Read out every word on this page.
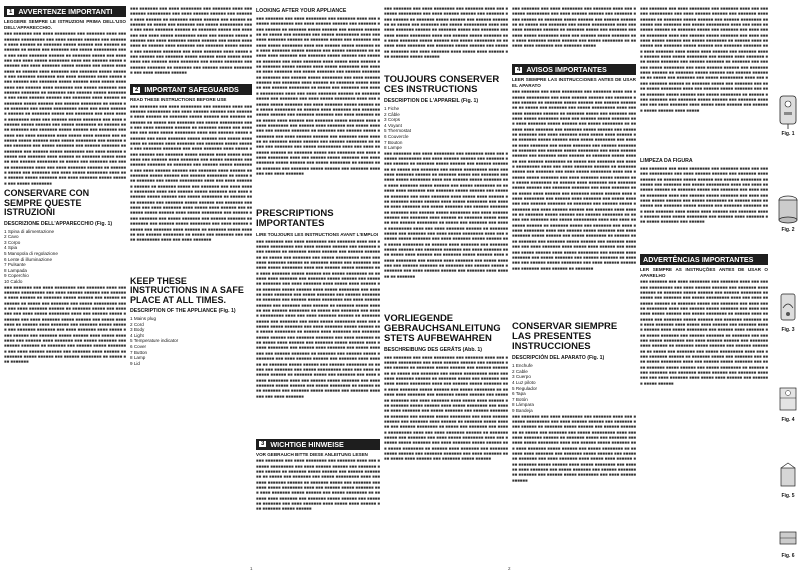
1 AVVERTENZE IMPORTANTI
LEGGERE SEMPRE LE ISTRUZIONI PRIMA DELL'USO DELL'APPARECCHIO.
■■■ ■■■■■■■ ■■■ ■■■■ ■■■■■■■■ ■■■ ■■■■■■■ ■■■■ ■■■ ■■■■■■ ■■■■■■■■■ ■■■ ■■■■ ■■■■■■ ■■■■■■ ■■■ ■■■■■■■ ■■■■ ■■■■■■ ■■ ■■■■■■■ ■■■■■ ■■■■■■ ■■■ ■■■■■■ ■■■■■■■■ ■■ ■■■■■ ■■■ ■■■■■■■ ■■■ ■■■■■ ■■■■■■■■■ ■■■■ ■■■ ■■■■ ■■■■■■■ ■■■■■■ ■■ ■■■■■■■ ■■■■■ ■■■ ■■■■■■■ ■■■ ■■■■ ■■■■■ ■■■■■■■■ ■■■■ ■■■ ■■■■■■ ■■■■■ ■■■■■■■ ■■■ ■■■■ ■■■■■■■ ■■■■■ ■■■■■■ ■■■ ■■■■■ ■■■■■■■■ ■■ ■■■■■■ ■■■■ ■■■■■■■ ■■■ ■■■■■■■ ■■■■■ ■■■■■■ ■■■ ■■■■■■■ ■■■■■■■ ■■■ ■■■■ ■■■■■■■ ■■■■ ■■■■■ ■■■■ ■■■■■■ ■■■ ■■■■■■■ ■■■■■ ■■■■■■ ■■■■ ■■■■■ ■■■■■■■■ ■■■ ■■■■■■ ■■■■ ■■■■■■■ ■■■ ■■■■■ ■■■■■■■ ■■■ ■■■■■■ ■■■■■■■ ■■ ■■■■■■■ ■■■ ■■■■■■ ■■■■■ ■■■■■■■■ ■■■ ■■■■ ■■■■■■ ■■■■■■ ■■■ ■■■■■■■ ■■■■ ■■■■■■ ■■ ■■■■■■■ ■■■■■ ■■■■■■ ■■■ ■■■■■■ ■■■■■■■■ ■■ ■■■■■ ■■■ ■■■■■■■ ■■■ ■■■■■ ■■■■■■■■■ ■■■■ ■■■ ■■■■ ■■■■■■■ ■■■■■■ ■■ ■■■■■■■ ■■■■■ ■■■ ■■■■■■■ ■■■ ■■■■ ■■■■■ ■■■■■■■■ ■■■■ ■■■ ■■■■■■ ■■■■■ ■■■■■■■ ■■■ ■■■■ ■■■■■■■ ■■■■■ ■■■■■■ ■■■ ■■■■■ ■■■■■■■■ ■■ ■■■■■■ ■■■■ ■■■■■■■ ■■■ ■■■■■■■ ■■■■■ ■■■■■■ ■■■ ■■■■■■■ ■■■■■■■ ■■■ ■■■■ ■■■■■■■ ■■■■ ■■■■■ ■■■■ ■■■■■■ ■■■ ■■■■■■■ ■■■■■ ■■■■■■ ■■■■ ■■■■■ ■■■■■■■■ ■■■ ■■■■■■ ■■■■ ■■■■■■■ ■■■ ■■■■■ ■■■■■■■ ■■■ ■■■■■■ ■■■■■■■ ■■ ■■■■■■■ ■■■ ■■■■■■ ■■■■■ ■■■■■■■■ ■■■ ■■■■ ■■■■■■ ■■■■■■ ■■■ ■■■■■■■ ■■■■ ■■■■■■ ■■ ■■■■■■■ ■■■■■ ■■■■■■ ■■■ ■■■■■■ ■■■■■■■■ ■■ ■■■■■ ■■■ ■■■■■■■ ■■■ ■■■■■ ■■■■■■■■■ ■■■■ ■■■ ■■■■ ■■■■■■■ ■■■■■■ ■■ ■■■■■■■ ■■■■■ ■■■ ■■■■■■■ ■■■ ■■■■ ■■■■■ ■■■■■■■■ ■■■■ ■■■ ■■■■■■ ■■■■■ ■■■■■■■ ■■■ ■■■■ ■■■■■■■ ■■■■■ ■■■■■■ ■■■ ■■■■■ ■■■■■■■■
CONSERVARE CON SEMPRE QUESTE ISTRUZIONI
DESCRIZIONE DELL'APPARECCHIO (Fig. 1)
1 Spina di alimentazione
2 Cavo
3 Corpo
4 Spia
5 Manopola di regolazione
6 Lente di illuminazione
7 Pulsante
8 Lampada
9 Coperchio
10 Caldo
■■■ ■■■■■■■ ■■■ ■■■■ ■■■■■■■■ ■■■ ■■■■■■■ ■■■■ ■■■ ■■■■■■ ■■■■■■■■■ ■■■ ■■■■ ■■■■■■ ■■■■■■ ■■■ ■■■■■■■ ■■■■ ■■■■■■ ■■ ■■■■■■■ ■■■■■ ■■■■■■ ■■■ ■■■■■■ ■■■■■■■■ ■■ ■■■■■ ■■■ ■■■■■■■ ■■■ ■■■■■ ■■■■■■■■■ ■■■■ ■■■ ■■■■ ■■■■■■■ ■■■■■■ ■■ ■■■■■■■ ■■■■■ ■■■ ■■■■■■■ ■■■ ■■■■ ■■■■■ ■■■■■■■■ ■■■■ ■■■ ■■■■■■ ■■■■■ ■■■■■■■ ■■■ ■■■■ ■■■■■■■ ■■■■■ ■■■■■■ ■■■ ■■■■■ ■■■■■■■■ ■■ ■■■■■■ ■■■■ ■■■■■■■ ■■■ ■■■■■■■ ■■■■■ ■■■■■■ ■■■ ■■■■■■■ ■■■■■■■ ■■■ ■■■■ ■■■■■■■ ■■■■ ■■■■■ ■■■■ ■■■■■■ ■■■ ■■■■■■■ ■■■■■ ■■■■■■ ■■■■ ■■■■■ ■■■■■■■■ ■■■ ■■■■■■ ■■■■ ■■■■■■■ ■■■ ■■■■■ ■■■■■■■ ■■■ ■■■■■■ ■■■■■■■ ■■ ■■■■■■■ ■■■ ■■■■■■ ■■■■■ ■■■■■■■■ ■■■ ■■■■ ■■■■■■ ■■■■■■ ■■■ ■■■■■■■ ■■■■ ■■■■■■ ■■ ■■■■■■■ ■■■■■ ■■■■■■ ■■■ ■■■■■■ ■■■■■■■■ ■■ ■■■■■ ■■■ ■■■■■■■
■■■ ■■■■■■■ ■■■ ■■■■ ■■■■■■■■ ■■■ ■■■■■■■ ■■■■ ■■■ ■■■■■■ ■■■■■■■■■ ■■■ ■■■■ ■■■■■■ ■■■■■■ ■■■ ■■■■■■■ ■■■■ ■■■■■■ ■■ ■■■■■■■ ■■■■■ ■■■■■■ ■■■ ■■■■■■ ■■■■■■■■ ■■ ■■■■■ ■■■ ■■■■■■■ ■■■ ■■■■■ ■■■■■■■■■ ■■■■ ■■■ ■■■■ ■■■■■■■ ■■■■■■ ■■ ■■■■■■■ ■■■■■ ■■■ ■■■■■■■ ■■■ ■■■■ ■■■■■ ■■■■■■■■ ■■■■ ■■■ ■■■■■■ ■■■■■ ■■■■■■■ ■■■ ■■■■ ■■■■■■■ ■■■■■ ■■■■■■ ■■■ ■■■■■ ■■■■■■■■ ■■ ■■■■■■ ■■■■ ■■■■■■■ ■■■ ■■■■■■■ ■■■■■ ■■■■■■ ■■■ ■■■■■■■ ■■■■■■■ ■■■ ■■■■ ■■■■■■■ ■■■■ ■■■■■ ■■■■ ■■■■■■ ■■■ ■■■■■■■ ■■■■■ ■■■■■■ ■■■■ ■■■■■ ■■■■■■■■ ■■■ ■■■■■■ ■■■■ ■■■■■■■ ■■■ ■■■■■ ■■■■■■■ ■■■ ■■■■■■ ■■■■■■■ ■■ ■■■■■■■ ■■■ ■■■■■■ ■■■■■ ■■■■■■■■ ■■■ ■■■■ ■■■■■■ ■■■■■■
2 IMPORTANT SAFEGUARDS
READ THESE INSTRUCTIONS BEFORE USE
■■■ ■■■■■■■ ■■■ ■■■■ ■■■■■■■■ ■■■ ■■■■■■■ ■■■■ ■■■ ■■■■■■ ■■■■■■■■■ ■■■ ■■■■ ■■■■■■ ■■■■■■ ■■■ ■■■■■■■ ■■■■ ■■■■■■ ■■ ■■■■■■■ ■■■■■ ■■■■■■ ■■■ ■■■■■■ ■■■■■■■■ ■■ ■■■■■ ■■■ ■■■■■■■ ■■■ ■■■■■ ■■■■■■■■■ ■■■■ ■■■ ■■■■ ■■■■■■■ ■■■■■■ ■■ ■■■■■■■ ■■■■■ ■■■ ■■■■■■■ ■■■ ■■■■ ■■■■■ ■■■■■■■■ ■■■■ ■■■ ■■■■■■ ■■■■■ ■■■■■■■ ■■■ ■■■■ ■■■■■■■ ■■■■■ ■■■■■■ ■■■ ■■■■■ ■■■■■■■■ ■■ ■■■■■■ ■■■■ ■■■■■■■ ■■■ ■■■■■■■ ■■■■■ ■■■■■■ ■■■ ■■■■■■■ ■■■■■■■ ■■■ ■■■■ ■■■■■■■ ■■■■ ■■■■■ ■■■■ ■■■■■■ ■■■ ■■■■■■■ ■■■■■ ■■■■■■ ■■■■ ■■■■■ ■■■■■■■■ ■■■ ■■■■■■ ■■■■ ■■■■■■■ ■■■ ■■■■■ ■■■■■■■ ■■■ ■■■■■■ ■■■■■■■ ■■ ■■■■■■■ ■■■ ■■■■■■ ■■■■■ ■■■■■■■■ ■■■ ■■■■ ■■■■■■ ■■■■■■ ■■■ ■■■■■■■ ■■■■ ■■■■■■ ■■ ■■■■■■■ ■■■■■ ■■■■■■ ■■■ ■■■■■■ ■■■■■■■■ ■■ ■■■■■ ■■■ ■■■■■■■ ■■■ ■■■■■ ■■■■■■■■■ ■■■■ ■■■ ■■■■ ■■■■■■■ ■■■■■■ ■■ ■■■■■■■ ■■■■■ ■■■ ■■■■■■■ ■■■ ■■■■ ■■■■■ ■■■■■■■■ ■■■■ ■■■ ■■■■■■ ■■■■■ ■■■■■■■ ■■■ ■■■■ ■■■■■■■ ■■■■■ ■■■■■■ ■■■ ■■■■■ ■■■■■■■■ ■■ ■■■■■■ ■■■■ ■■■■■■■ ■■■ ■■■■■■■ ■■■■■ ■■■■■■ ■■■ ■■■■■■■ ■■■■■■■ ■■■ ■■■■ ■■■■■■■ ■■■■ ■■■■■ ■■■■ ■■■■■■ ■■■ ■■■■■■■ ■■■■■ ■■■■■■ ■■■■ ■■■■■ ■■■■■■■■ ■■■ ■■■■■■ ■■■■ ■■■■■■■ ■■■ ■■■■■ ■■■■■■■ ■■■ ■■■■■■ ■■■■■■■ ■■ ■■■■■■■ ■■■ ■■■■■■ ■■■■■ ■■■■■■■■ ■■■ ■■■■ ■■■■■■ ■■■■■■ ■■■ ■■■■■■■ ■■■■ ■■■■■■ ■■ ■■■■■■■ ■■■■■ ■■■■■■ ■■■ ■■■■■■ ■■■■■■■■ ■■ ■■■■■ ■■■ ■■■■■■■ ■■■ ■■■■■ ■■■■■■■■■ ■■■■ ■■■ ■■■■ ■■■■■■■
KEEP THESE INSTRUCTIONS IN A SAFE PLACE AT ALL TIMES.
DESCRIPTION OF THE APPLIANCE (Fig. 1)
1 Mains plug
2 Cord
3 Body
4 Light
5 Temperature indicator
6 Cover
7 Button
8 Lamp
9 Lid
LOOKING AFTER YOUR APPLIANCE
■■■ ■■■■■■■ ■■■ ■■■■ ■■■■■■■■ ■■■ ■■■■■■■ ■■■■ ■■■ ■■■■■■ ■■■■■■■■■ ■■■ ■■■■ ■■■■■■ ■■■■■■ ■■■ ■■■■■■■ ■■■■ ■■■■■■ ■■ ■■■■■■■ ■■■■■ ■■■■■■ ■■■ ■■■■■■ ■■■■■■■■ ■■ ■■■■■ ■■■ ■■■■■■■ ■■■ ■■■■■ ■■■■■■■■■ ■■■■ ■■■ ■■■■ ■■■■■■■ ■■■■■■ ■■ ■■■■■■■ ■■■■■ ■■■ ■■■■■■■ ■■■ ■■■■ ■■■■■ ■■■■■■■■ ■■■■ ■■■ ■■■■■■ ■■■■■ ■■■■■■■ ■■■ ■■■■ ■■■■■■■ ■■■■■ ■■■■■■ ■■■ ■■■■■ ■■■■■■■■ ■■ ■■■■■■ ■■■■ ■■■■■■■ ■■■ ■■■■■■■ ■■■■■ ■■■■■■ ■■■ ■■■■■■■ ■■■■■■■ ■■■ ■■■■ ■■■■■■■ ■■■■ ■■■■■ ■■■■ ■■■■■■ ■■■ ■■■■■■■ ■■■■■ ■■■■■■ ■■■■ ■■■■■ ■■■■■■■■ ■■■ ■■■■■■ ■■■■ ■■■■■■■ ■■■ ■■■■■ ■■■■■■■ ■■■ ■■■■■■ ■■■■■■■ ■■ ■■■■■■■ ■■■ ■■■■■■ ■■■■■ ■■■■■■■■ ■■■ ■■■■ ■■■■■■ ■■■■■■ ■■■ ■■■■■■■ ■■■■ ■■■■■■ ■■ ■■■■■■■ ■■■■■ ■■■■■■ ■■■ ■■■■■■ ■■■■■■■■ ■■ ■■■■■ ■■■ ■■■■■■■ ■■■ ■■■■■ ■■■■■■■■■ ■■■■ ■■■ ■■■■ ■■■■■■■ ■■■■■■ ■■ ■■■■■■■ ■■■■■ ■■■ ■■■■■■■ ■■■ ■■■■ ■■■■■ ■■■■■■■■ ■■■■ ■■■ ■■■■■■ ■■■■■ ■■■■■■■ ■■■ ■■■■ ■■■■■■■ ■■■■■ ■■■■■■ ■■■ ■■■■■ ■■■■■■■■ ■■ ■■■■■■ ■■■■ ■■■■■■■ ■■■ ■■■■■■■ ■■■■■ ■■■■■■ ■■■ ■■■■■■■ ■■■■■■■ ■■■ ■■■■ ■■■■■■■ ■■■■ ■■■■■ ■■■■ ■■■■■■ ■■■ ■■■■■■■ ■■■■■ ■■■■■■ ■■■■ ■■■■■ ■■■■■■■■ ■■■ ■■■■■■ ■■■■ ■■■■■■■ ■■■ ■■■■■ ■■■■■■■ ■■■ ■■■■■■ ■■■■■■■ ■■ ■■■■■■■ ■■■ ■■■■■■ ■■■■■ ■■■■■■■■ ■■■ ■■■■ ■■■■■■ ■■■■■■ ■■■ ■■■■■■■ ■■■■ ■■■■■■ ■■ ■■■■■■■ ■■■■■ ■■■■■■ ■■■ ■■■■■■ ■■■■■■■■ ■■ ■■■■■ ■■■ ■■■■■■■ ■■■ ■■■■■ ■■■■■■■■■ ■■■■ ■■■ ■■■■ ■■■■■■■ ■■■■■■ ■■ ■■■■■■■ ■■■■■ ■■■ ■■■■■■■ ■■■ ■■■■ ■■■■■ ■■■■■■■■ ■■■■ ■■■ ■■■■■■ ■■■■■ ■■■■■■■ ■■■ ■■■■ ■■■■■■■ ■■■■■ ■■■■■■ ■■■ ■■■■■ ■■■■■■■■ ■■ ■■■■■■ ■■■■ ■■■■■■■ ■■■ ■■■■■■■ ■■■■■ ■■■■■■ ■■■ ■■■■■■■ ■■■■■■■ ■■■ ■■■■ ■■■■■■■
PRESCRIPTIONS IMPORTANTES
LIRE TOUJOURS LES INSTRUCTIONS AVANT L'EMPLOI
■■■ ■■■■■■■ ■■■ ■■■■ ■■■■■■■■ ■■■ ■■■■■■■ ■■■■ ■■■ ■■■■■■ ■■■■■■■■■ ■■■ ■■■■ ■■■■■■ ■■■■■■ ■■■ ■■■■■■■ ■■■■ ■■■■■■ ■■ ■■■■■■■ ■■■■■ ■■■■■■ ■■■ ■■■■■■ ■■■■■■■■ ■■ ■■■■■ ■■■ ■■■■■■■ ■■■ ■■■■■ ■■■■■■■■■ ■■■■ ■■■ ■■■■ ■■■■■■■ ■■■■■■ ■■ ■■■■■■■ ■■■■■ ■■■ ■■■■■■■ ■■■ ■■■■ ■■■■■ ■■■■■■■■ ■■■■ ■■■ ■■■■■■ ■■■■■ ■■■■■■■ ■■■ ■■■■ ■■■■■■■ ■■■■■ ■■■■■■ ■■■ ■■■■■ ■■■■■■■■ ■■ ■■■■■■ ■■■■ ■■■■■■■ ■■■ ■■■■■■■ ■■■■■ ■■■■■■ ■■■ ■■■■■■■ ■■■■■■■ ■■■ ■■■■ ■■■■■■■ ■■■■ ■■■■■ ■■■■ ■■■■■■ ■■■ ■■■■■■■ ■■■■■ ■■■■■■ ■■■■ ■■■■■ ■■■■■■■■ ■■■ ■■■■■■ ■■■■ ■■■■■■■ ■■■ ■■■■■ ■■■■■■■ ■■■ ■■■■■■ ■■■■■■■ ■■ ■■■■■■■ ■■■ ■■■■■■ ■■■■■ ■■■■■■■■ ■■■ ■■■■ ■■■■■■ ■■■■■■ ■■■ ■■■■■■■ ■■■■ ■■■■■■ ■■ ■■■■■■■ ■■■■■ ■■■■■■ ■■■ ■■■■■■ ■■■■■■■■ ■■ ■■■■■ ■■■ ■■■■■■■ ■■■ ■■■■■ ■■■■■■■■■ ■■■■ ■■■ ■■■■ ■■■■■■■ ■■■■■■ ■■ ■■■■■■■ ■■■■■ ■■■ ■■■■■■■ ■■■ ■■■■ ■■■■■ ■■■■■■■■ ■■■■ ■■■ ■■■■■■ ■■■■■ ■■■■■■■ ■■■ ■■■■ ■■■■■■■ ■■■■■ ■■■■■■ ■■■ ■■■■■ ■■■■■■■■ ■■ ■■■■■■ ■■■■ ■■■■■■■ ■■■ ■■■■■■■ ■■■■■ ■■■■■■ ■■■ ■■■■■■■ ■■■■■■■ ■■■ ■■■■ ■■■■■■■ ■■■■ ■■■■■ ■■■■ ■■■■■■ ■■■ ■■■■■■■ ■■■■■ ■■■■■■ ■■■■ ■■■■■ ■■■■■■■■ ■■■ ■■■■■■ ■■■■ ■■■■■■■ ■■■ ■■■■■ ■■■■■■■ ■■■ ■■■■■■ ■■■■■■■ ■■ ■■■■■■■ ■■■ ■■■■■■ ■■■■■ ■■■■■■■■ ■■■ ■■■■ ■■■■■■ ■■■■■■ ■■■ ■■■■■■■ ■■■■ ■■■■■■ ■■ ■■■■■■■ ■■■■■ ■■■■■■ ■■■ ■■■■■■ ■■■■■■■■ ■■ ■■■■■ ■■■ ■■■■■■■ ■■■ ■■■■■ ■■■■■■■■■ ■■■■ ■■■ ■■■■ ■■■■■■■ ■■■■■■ ■■ ■■■■■■■ ■■■■■ ■■■ ■■■■■■■ ■■■ ■■■■ ■■■■■ ■■■■■■■■ ■■■■ ■■■ ■■■■■■ ■■■■■ ■■■■■■■ ■■■ ■■■■ ■■■■■■■ ■■■■■ ■■■■■■ ■■■ ■■■■■ ■■■■■■■■ ■■ ■■■■■■ ■■■■ ■■■■■■■ ■■■ ■■■■■■■ ■■■■■ ■■■■■■ ■■■ ■■■■■■■ ■■■■■■■ ■■■ ■■■■ ■■■■■■■
3 WICHTIGE HINWEISE
VOR GEBRAUCH BITTE DIESE ANLEITUNG LESEN
■■■ ■■■■■■■ ■■■ ■■■■ ■■■■■■■■ ■■■ ■■■■■■■ ■■■■ ■■■ ■■■■■■ ■■■■■■■■■ ■■■ ■■■■ ■■■■■■ ■■■■■■ ■■■ ■■■■■■■ ■■■■ ■■■■■■ ■■ ■■■■■■■ ■■■■■ ■■■■■■ ■■■ ■■■■■■ ■■■■■■■■ ■■ ■■■■■ ■■■ ■■■■■■■ ■■■ ■■■■■ ■■■■■■■■■ ■■■■ ■■■ ■■■■ ■■■■■■■ ■■■■■■ ■■ ■■■■■■■ ■■■■■ ■■■ ■■■■■■■ ■■■ ■■■■ ■■■■■ ■■■■■■■■ ■■■■ ■■■ ■■■■■■ ■■■■■ ■■■■■■■ ■■■ ■■■■ ■■■■■■■ ■■■■■ ■■■■■■ ■■■ ■■■■■ ■■■■■■■■ ■■ ■■■■■■ ■■■■ ■■■■■■■ ■■■ ■■■■■■■ ■■■■■ ■■■■■■ ■■■ ■■■■■■■ ■■■■■■■ ■■■ ■■■■ ■■■■■■■ ■■■■ ■■■■■ ■■■■ ■■■■■■ ■■■ ■■■■■■■ ■■■■■ ■■■■■■
■■■ ■■■■■■■ ■■■ ■■■■ ■■■■■■■■ ■■■ ■■■■■■■ ■■■■ ■■■ ■■■■■■ ■■■■■■■■■ ■■■ ■■■■ ■■■■■■ ■■■■■■ ■■■ ■■■■■■■ ■■■■ ■■■■■■ ■■ ■■■■■■■ ■■■■■ ■■■■■■ ■■■ ■■■■■■ ■■■■■■■■ ■■ ■■■■■ ■■■ ■■■■■■■ ■■■ ■■■■■ ■■■■■■■■■ ■■■■ ■■■ ■■■■ ■■■■■■■ ■■■■■■ ■■ ■■■■■■■ ■■■■■ ■■■ ■■■■■■■ ■■■ ■■■■ ■■■■■ ■■■■■■■■ ■■■■ ■■■ ■■■■■■ ■■■■■ ■■■■■■■ ■■■ ■■■■ ■■■■■■■ ■■■■■ ■■■■■■ ■■■ ■■■■■ ■■■■■■■■ ■■ ■■■■■■ ■■■■ ■■■■■■■ ■■■ ■■■■■■■ ■■■■■ ■■■■■■ ■■■ ■■■■■■■ ■■■■■■■ ■■■ ■■■■ ■■■■■■■ ■■■■ ■■■■■ ■■■■ ■■■■■■ ■■■ ■■■■■■■ ■■■■■ ■■■■■■
TOUJOURS CONSERVER CES INSTRUCTIONS
DESCRIPTION DE L'APPAREIL (Fig. 1)
1 Fiche
2 Câble
3 Corps
4 Voyant
5 Thermostat
6 Couvercle
7 Bouton
8 Lampe
■■■ ■■■■■■■ ■■■ ■■■■ ■■■■■■■■ ■■■ ■■■■■■■ ■■■■ ■■■ ■■■■■■ ■■■■■■■■■ ■■■ ■■■■ ■■■■■■ ■■■■■■ ■■■ ■■■■■■■ ■■■■ ■■■■■■ ■■ ■■■■■■■ ■■■■■ ■■■■■■ ■■■ ■■■■■■ ■■■■■■■■ ■■ ■■■■■ ■■■ ■■■■■■■ ■■■ ■■■■■ ■■■■■■■■■ ■■■■ ■■■ ■■■■ ■■■■■■■ ■■■■■■ ■■ ■■■■■■■ ■■■■■ ■■■ ■■■■■■■ ■■■ ■■■■ ■■■■■ ■■■■■■■■ ■■■■ ■■■ ■■■■■■ ■■■■■ ■■■■■■■ ■■■ ■■■■ ■■■■■■■ ■■■■■ ■■■■■■ ■■■ ■■■■■ ■■■■■■■■ ■■ ■■■■■■ ■■■■ ■■■■■■■ ■■■ ■■■■■■■ ■■■■■ ■■■■■■ ■■■ ■■■■■■■ ■■■■■■■ ■■■ ■■■■ ■■■■■■■ ■■■■ ■■■■■ ■■■■ ■■■■■■ ■■■ ■■■■■■■ ■■■■■ ■■■■■■ ■■■■ ■■■■■ ■■■■■■■■ ■■■ ■■■■■■ ■■■■ ■■■■■■■ ■■■ ■■■■■ ■■■■■■■ ■■■ ■■■■■■ ■■■■■■■ ■■ ■■■■■■■ ■■■ ■■■■■■ ■■■■■ ■■■■■■■■ ■■■ ■■■■ ■■■■■■ ■■■■■■ ■■■ ■■■■■■■ ■■■■ ■■■■■■ ■■ ■■■■■■■ ■■■■■ ■■■■■■ ■■■ ■■■■■■ ■■■■■■■■ ■■ ■■■■■ ■■■ ■■■■■■■ ■■■ ■■■■■ ■■■■■■■■■ ■■■■ ■■■ ■■■■ ■■■■■■■ ■■■■■■ ■■ ■■■■■■■ ■■■■■ ■■■ ■■■■■■■ ■■■ ■■■■ ■■■■■ ■■■■■■■■ ■■■■ ■■■ ■■■■■■ ■■■■■ ■■■■■■■ ■■■ ■■■■ ■■■■■■■ ■■■■■ ■■■■■■ ■■■ ■■■■■ ■■■■■■■■ ■■ ■■■■■■ ■■■■ ■■■■■■■ ■■■ ■■■■■■■ ■■■■■ ■■■■■■ ■■■ ■■■■■■■ ■■■■■■■ ■■■ ■■■■ ■■■■■■■ ■■■■ ■■■■■ ■■■■ ■■■■■■ ■■■ ■■■■■■■ ■■■■■ ■■■■■■ ■■■■ ■■■■■ ■■■■■■■■ ■■■ ■■■■■■ ■■■■ ■■■■■■■ ■■■ ■■■■■ ■■■■■■■ ■■■ ■■■■■■ ■■■■■■■ ■■ ■■■■■■■ ■■■ ■■■■■■ ■■■■■ ■■■■■■■■ ■■■ ■■■■ ■■■■■■ ■■■■■■ ■■■ ■■■■■■■ ■■■■ ■■■■■■ ■■ ■■■■■■■
VORLIEGENDE GEBRAUCHSANLEITUNG STETS AUFBEWAHREN
BESCHREIBUNG DES GERÄTS (Abb. 1)
■■■ ■■■■■■■ ■■■ ■■■■ ■■■■■■■■ ■■■ ■■■■■■■ ■■■■ ■■■ ■■■■■■ ■■■■■■■■■ ■■■ ■■■■ ■■■■■■ ■■■■■■ ■■■ ■■■■■■■ ■■■■ ■■■■■■ ■■ ■■■■■■■ ■■■■■ ■■■■■■ ■■■ ■■■■■■ ■■■■■■■■ ■■ ■■■■■ ■■■ ■■■■■■■ ■■■ ■■■■■ ■■■■■■■■■ ■■■■ ■■■ ■■■■ ■■■■■■■ ■■■■■■ ■■ ■■■■■■■ ■■■■■ ■■■ ■■■■■■■ ■■■ ■■■■ ■■■■■ ■■■■■■■■ ■■■■ ■■■ ■■■■■■ ■■■■■ ■■■■■■■ ■■■ ■■■■ ■■■■■■■ ■■■■■ ■■■■■■ ■■■ ■■■■■ ■■■■■■■■ ■■ ■■■■■■ ■■■■ ■■■■■■■ ■■■ ■■■■■■■ ■■■■■ ■■■■■■ ■■■ ■■■■■■■ ■■■■■■■ ■■■ ■■■■ ■■■■■■■ ■■■■ ■■■■■ ■■■■ ■■■■■■ ■■■ ■■■■■■■ ■■■■■ ■■■■■■ ■■■■ ■■■■■ ■■■■■■■■ ■■■ ■■■■■■ ■■■■ ■■■■■■■ ■■■ ■■■■■ ■■■■■■■ ■■■ ■■■■■■ ■■■■■■■ ■■ ■■■■■■■ ■■■ ■■■■■■ ■■■■■ ■■■■■■■■ ■■■ ■■■■ ■■■■■■ ■■■■■■ ■■■ ■■■■■■■ ■■■■ ■■■■■■ ■■ ■■■■■■■ ■■■■■ ■■■■■■ ■■■ ■■■■■■ ■■■■■■■■ ■■ ■■■■■ ■■■ ■■■■■■■ ■■■ ■■■■■ ■■■■■■■■■ ■■■■ ■■■ ■■■■ ■■■■■■■ ■■■■■■ ■■ ■■■■■■■ ■■■■■ ■■■ ■■■■■■■ ■■■ ■■■■ ■■■■■ ■■■■■■■■ ■■■■ ■■■ ■■■■■■ ■■■■■ ■■■■■■■ ■■■ ■■■■ ■■■■■■■ ■■■■■ ■■■■■■ ■■■ ■■■■■ ■■■■■■■■ ■■ ■■■■■■ ■■■■ ■■■■■■■ ■■■ ■■■■■■■ ■■■■■ ■■■■■■ ■■■ ■■■■■■■ ■■■■■■■ ■■■ ■■■■ ■■■■■■■ ■■■■ ■■■■■ ■■■■ ■■■■■■ ■■■ ■■■■■■■ ■■■■■ ■■■■■■
■■■ ■■■■■■■ ■■■ ■■■■ ■■■■■■■■ ■■■ ■■■■■■■ ■■■■ ■■■ ■■■■■■ ■■■■■■■■■ ■■■ ■■■■ ■■■■■■ ■■■■■■ ■■■ ■■■■■■■ ■■■■ ■■■■■■ ■■ ■■■■■■■ ■■■■■ ■■■■■■ ■■■ ■■■■■■ ■■■■■■■■ ■■ ■■■■■ ■■■ ■■■■■■■ ■■■ ■■■■■ ■■■■■■■■■ ■■■■ ■■■ ■■■■ ■■■■■■■ ■■■■■■ ■■ ■■■■■■■ ■■■■■ ■■■ ■■■■■■■ ■■■ ■■■■ ■■■■■ ■■■■■■■■ ■■■■ ■■■ ■■■■■■ ■■■■■ ■■■■■■■ ■■■ ■■■■ ■■■■■■■ ■■■■■ ■■■■■■ ■■■ ■■■■■ ■■■■■■■■ ■■ ■■■■■■ ■■■■ ■■■■■■■ ■■■ ■■■■■■■ ■■■■■
4 AVISOS IMPORTANTES
LEER SIEMPRE LAS INSTRUCCIONES ANTES DE USAR EL APARATO
■■■ ■■■■■■■ ■■■ ■■■■ ■■■■■■■■ ■■■ ■■■■■■■ ■■■■ ■■■ ■■■■■■ ■■■■■■■■■ ■■■ ■■■■ ■■■■■■ ■■■■■■ ■■■ ■■■■■■■ ■■■■ ■■■■■■ ■■ ■■■■■■■ ■■■■■ ■■■■■■ ■■■ ■■■■■■ ■■■■■■■■ ■■ ■■■■■ ■■■ ■■■■■■■ ■■■ ■■■■■ ■■■■■■■■■ ■■■■ ■■■ ■■■■ ■■■■■■■ ■■■■■■ ■■ ■■■■■■■ ■■■■■ ■■■ ■■■■■■■ ■■■ ■■■■ ■■■■■ ■■■■■■■■ ■■■■ ■■■ ■■■■■■ ■■■■■ ■■■■■■■ ■■■ ■■■■ ■■■■■■■ ■■■■■ ■■■■■■ ■■■ ■■■■■ ■■■■■■■■ ■■ ■■■■■■ ■■■■ ■■■■■■■ ■■■ ■■■■■■■ ■■■■■ ■■■■■■ ■■■ ■■■■■■■ ■■■■■■■ ■■■ ■■■■ ■■■■■■■ ■■■■ ■■■■■ ■■■■ ■■■■■■ ■■■ ■■■■■■■ ■■■■■ ■■■■■■ ■■■■ ■■■■■ ■■■■■■■■ ■■■ ■■■■■■ ■■■■ ■■■■■■■ ■■■ ■■■■■ ■■■■■■■ ■■■ ■■■■■■ ■■■■■■■ ■■ ■■■■■■■ ■■■ ■■■■■■ ■■■■■ ■■■■■■■■ ■■■ ■■■■ ■■■■■■ ■■■■■■ ■■■ ■■■■■■■ ■■■■ ■■■■■■ ■■ ■■■■■■■ ■■■■■ ■■■■■■ ■■■ ■■■■■■ ■■■■■■■■ ■■ ■■■■■ ■■■ ■■■■■■■ ■■■ ■■■■■ ■■■■■■■■■ ■■■■ ■■■ ■■■■ ■■■■■■■ ■■■■■■ ■■ ■■■■■■■ ■■■■■ ■■■ ■■■■■■■ ■■■ ■■■■ ■■■■■ ■■■■■■■■ ■■■■ ■■■ ■■■■■■ ■■■■■ ■■■■■■■ ■■■ ■■■■ ■■■■■■■ ■■■■■ ■■■■■■ ■■■ ■■■■■ ■■■■■■■■ ■■ ■■■■■■ ■■■■ ■■■■■■■ ■■■ ■■■■■■■ ■■■■■ ■■■■■■ ■■■ ■■■■■■■ ■■■■■■■ ■■■ ■■■■ ■■■■■■■ ■■■■ ■■■■■ ■■■■ ■■■■■■ ■■■ ■■■■■■■ ■■■■■ ■■■■■■ ■■■■ ■■■■■ ■■■■■■■■ ■■■ ■■■■■■ ■■■■ ■■■■■■■ ■■■ ■■■■■ ■■■■■■■ ■■■ ■■■■■■ ■■■■■■■ ■■ ■■■■■■■ ■■■ ■■■■■■ ■■■■■ ■■■■■■■■ ■■■ ■■■■ ■■■■■■ ■■■■■■ ■■■ ■■■■■■■ ■■■■ ■■■■■■ ■■ ■■■■■■■ ■■■■■ ■■■■■■ ■■■ ■■■■■■ ■■■■■■■■ ■■ ■■■■■ ■■■ ■■■■■■■ ■■■ ■■■■■ ■■■■■■■■■ ■■■■ ■■■ ■■■■ ■■■■■■■ ■■■■■■ ■■ ■■■■■■■ ■■■■■ ■■■ ■■■■■■■ ■■■ ■■■■ ■■■■■ ■■■■■■■■ ■■■■ ■■■ ■■■■■■ ■■■■■ ■■■■■■■ ■■■ ■■■■ ■■■■■■■ ■■■■■ ■■■■■■ ■■■ ■■■■■ ■■■■■■■■ ■■ ■■■■■■ ■■■■ ■■■■■■■ ■■■ ■■■■■■■ ■■■■■ ■■■■■■ ■■■ ■■■■■■■ ■■■■■■■ ■■■ ■■■■ ■■■■■■■ ■■■■ ■■■■■ ■■■■ ■■■■■■ ■■■ ■■■■■■■ ■■■■■ ■■■■■■ ■■■■ ■■■■■ ■■■■■■■■ ■■■ ■■■■■■ ■■■■ ■■■■■■■ ■■■ ■■■■■ ■■■■■■■ ■■■ ■■■■■■ ■■■■■■■ ■■ ■■■■■■■ ■■■ ■■■■■■ ■■■■■ ■■■■■■■■ ■■■ ■■■■ ■■■■■■ ■■■■■■ ■■■ ■■■■■■■ ■■■■ ■■■■■■ ■■ ■■■■■■■
CONSERVAR SIEMPRE LAS PRESENTES INSTRUCCIONES
DESCRIPCIÓN DEL APARATO (Fig. 1)
1 Enchufe
2 Cable
3 Cuerpo
4 Luz piloto
5 Regulador
6 Tapa
7 Botón
8 Lámpara
9 Bandeja
■■■ ■■■■■■■ ■■■ ■■■■ ■■■■■■■■ ■■■ ■■■■■■■ ■■■■ ■■■ ■■■■■■ ■■■■■■■■■ ■■■ ■■■■ ■■■■■■ ■■■■■■ ■■■ ■■■■■■■ ■■■■ ■■■■■■ ■■ ■■■■■■■ ■■■■■ ■■■■■■ ■■■ ■■■■■■ ■■■■■■■■ ■■ ■■■■■ ■■■ ■■■■■■■ ■■■ ■■■■■ ■■■■■■■■■ ■■■■ ■■■ ■■■■ ■■■■■■■ ■■■■■■ ■■ ■■■■■■■ ■■■■■ ■■■ ■■■■■■■ ■■■ ■■■■ ■■■■■ ■■■■■■■■ ■■■■ ■■■ ■■■■■■ ■■■■■ ■■■■■■■ ■■■ ■■■■ ■■■■■■■ ■■■■■ ■■■■■■ ■■■ ■■■■■ ■■■■■■■■ ■■ ■■■■■■ ■■■■ ■■■■■■■ ■■■ ■■■■■■■ ■■■■■ ■■■■■■ ■■■ ■■■■■■■ ■■■■■■■ ■■■ ■■■■ ■■■■■■■ ■■■■ ■■■■■ ■■■■ ■■■■■■ ■■■ ■■■■■■■ ■■■■■ ■■■■■■ ■■■■ ■■■■■ ■■■■■■■■ ■■■ ■■■■■■ ■■■■ ■■■■■■■ ■■■ ■■■■■ ■■■■■■■ ■■■ ■■■■■■ ■■■■■■■ ■■ ■■■■■■■ ■■■ ■■■■■■ ■■■■■ ■■■■■■■■ ■■■ ■■■■ ■■■■■■ ■■■■■■
■■■ ■■■■■■■ ■■■ ■■■■ ■■■■■■■■ ■■■ ■■■■■■■ ■■■■ ■■■ ■■■■■■ ■■■■■■■■■ ■■■ ■■■■ ■■■■■■ ■■■■■■ ■■■ ■■■■■■■ ■■■■ ■■■■■■ ■■ ■■■■■■■ ■■■■■ ■■■■■■ ■■■ ■■■■■■ ■■■■■■■■ ■■ ■■■■■ ■■■ ■■■■■■■ ■■■ ■■■■■ ■■■■■■■■■ ■■■■ ■■■ ■■■■ ■■■■■■■ ■■■■■■ ■■ ■■■■■■■ ■■■■■ ■■■ ■■■■■■■ ■■■ ■■■■ ■■■■■ ■■■■■■■■ ■■■■ ■■■ ■■■■■■ ■■■■■ ■■■■■■■ ■■■ ■■■■ ■■■■■■■ ■■■■■ ■■■■■■ ■■■ ■■■■■ ■■■■■■■■ ■■ ■■■■■■ ■■■■ ■■■■■■■ ■■■ ■■■■■■■ ■■■■■ ■■■■■■ ■■■ ■■■■■■■ ■■■■■■■ ■■■ ■■■■ ■■■■■■■ ■■■■ ■■■■■ ■■■■ ■■■■■■ ■■■ ■■■■■■■ ■■■■■ ■■■■■■ ■■■■ ■■■■■ ■■■■■■■■ ■■■ ■■■■■■ ■■■■ ■■■■■■■ ■■■ ■■■■■ ■■■■■■■ ■■■ ■■■■■■ ■■■■■■■ ■■ ■■■■■■■ ■■■ ■■■■■■ ■■■■■ ■■■■■■■■ ■■■ ■■■■ ■■■■■■ ■■■■■■ ■■■ ■■■■■■■ ■■■■ ■■■■■■ ■■ ■■■■■■■ ■■■■■ ■■■■■■ ■■■ ■■■■■■ ■■■■■■■■ ■■ ■■■■■ ■■■ ■■■■■■■ ■■■ ■■■■■ ■■■■■■■■■ ■■■■ ■■■ ■■■■ ■■■■■■■ ■■■■■■ ■■ ■■■■■■■ ■■■■■ ■■■ ■■■■■■■ ■■■ ■■■■ ■■■■■ ■■■■■■■■ ■■■■ ■■■ ■■■■■■ ■■■■■ ■■■■■■■ ■■■ ■■■■ ■■■■■■■ ■■■■■ ■■■■■■ ■■■ ■■■■■ ■■■■■■■■ ■■ ■■■■■■ ■■■■ ■■■■■■■ ■■■ ■■■■■■■ ■■■■■ ■■■■■■ ■■■ ■■■■■■■ ■■■■■■■ ■■■ ■■■■ ■■■■■■■ ■■■■ ■■■■■ ■■■■ ■■■■■■ ■■■ ■■■■■■■ ■■■■■ ■■■■■■ ■■■■ ■■■■■
LIMPEZA DA FIGURA
■■■ ■■■■■■■ ■■■ ■■■■ ■■■■■■■■ ■■■ ■■■■■■■ ■■■■ ■■■ ■■■■■■ ■■■■■■■■■ ■■■ ■■■■ ■■■■■■ ■■■■■■ ■■■ ■■■■■■■ ■■■■ ■■■■■■ ■■ ■■■■■■■ ■■■■■ ■■■■■■ ■■■ ■■■■■■ ■■■■■■■■ ■■ ■■■■■ ■■■ ■■■■■■■ ■■■ ■■■■■ ■■■■■■■■■ ■■■■ ■■■ ■■■■ ■■■■■■■ ■■■■■■ ■■ ■■■■■■■ ■■■■■ ■■■ ■■■■■■■ ■■■ ■■■■ ■■■■■ ■■■■■■■■ ■■■■ ■■■ ■■■■■■ ■■■■■ ■■■■■■■ ■■■ ■■■■ ■■■■■■■ ■■■■■ ■■■■■■ ■■■ ■■■■■ ■■■■■■■■ ■■ ■■■■■■ ■■■■ ■■■■■■■ ■■■ ■■■■■■■ ■■■■■ ■■■■■■ ■■■ ■■■■■■■ ■■■■■■■ ■■■ ■■■■ ■■■■■■■ ■■■■ ■■■■■ ■■■■ ■■■■■■ ■■■ ■■■■■■■ ■■■■■ ■■■■■■ ■■■■ ■■■■■ ■■■■■■■■ ■■■ ■■■■■■ ■■■■ ■■■■■■■ ■■■ ■■■■■ ■■■■■■■ ■■■ ■■■■■■
ADVERTÊNCIAS IMPORTANTES
LER SEMPRE AS INSTRUÇÕES ANTES DE USAR O APARELHO
■■■ ■■■■■■■ ■■■ ■■■■ ■■■■■■■■ ■■■ ■■■■■■■ ■■■■ ■■■ ■■■■■■ ■■■■■■■■■ ■■■ ■■■■ ■■■■■■ ■■■■■■ ■■■ ■■■■■■■ ■■■■ ■■■■■■ ■■ ■■■■■■■ ■■■■■ ■■■■■■ ■■■ ■■■■■■ ■■■■■■■■ ■■ ■■■■■ ■■■ ■■■■■■■ ■■■ ■■■■■ ■■■■■■■■■ ■■■■ ■■■ ■■■■ ■■■■■■■ ■■■■■■ ■■ ■■■■■■■ ■■■■■ ■■■ ■■■■■■■ ■■■ ■■■■ ■■■■■ ■■■■■■■■ ■■■■ ■■■ ■■■■■■ ■■■■■ ■■■■■■■ ■■■ ■■■■ ■■■■■■■ ■■■■■ ■■■■■■ ■■■ ■■■■■ ■■■■■■■■ ■■ ■■■■■■ ■■■■ ■■■■■■■ ■■■ ■■■■■■■ ■■■■■ ■■■■■■ ■■■ ■■■■■■■ ■■■■■■■ ■■■ ■■■■ ■■■■■■■ ■■■■ ■■■■■ ■■■■ ■■■■■■ ■■■ ■■■■■■■ ■■■■■ ■■■■■■ ■■■■ ■■■■■ ■■■■■■■■ ■■■ ■■■■■■ ■■■■ ■■■■■■■ ■■■ ■■■■■ ■■■■■■■ ■■■ ■■■■■■ ■■■■■■■ ■■ ■■■■■■■ ■■■ ■■■■■■ ■■■■■ ■■■■■■■■ ■■■ ■■■■ ■■■■■■ ■■■■■■ ■■■ ■■■■■■■ ■■■■ ■■■■■■ ■■ ■■■■■■■ ■■■■■ ■■■■■■ ■■■ ■■■■■■ ■■■■■■■■ ■■ ■■■■■ ■■■ ■■■■■■■ ■■■ ■■■■■ ■■■■■■■■■ ■■■■ ■■■ ■■■■ ■■■■■■■ ■■■■■■ ■■ ■■■■■■■ ■■■■■ ■■■ ■■■■■■■ ■■■ ■■■■ ■■■■■ ■■■■■■■■ ■■■■ ■■■ ■■■■■■ ■■■■■ ■■■■■■■ ■■■ ■■■■ ■■■■■■■ ■■■■■ ■■■■■■ ■■■ ■■■■■ ■■■■■■■■ ■■ ■■■■■■ ■■■■ ■■■■■■■ ■■■ ■■■■■■■ ■■■■■ ■■■■■■ ■■■ ■■■■■■■ ■■■■■■■ ■■■ ■■■■ ■■■■■■■ ■■■■ ■■■■■ ■■■■ ■■■■■■ ■■■ ■■■■■■■ ■■■■■ ■■■■■■
Fig. 1
Fig. 2
Fig. 3
Fig. 4
Fig. 5
Fig. 6
1	2
